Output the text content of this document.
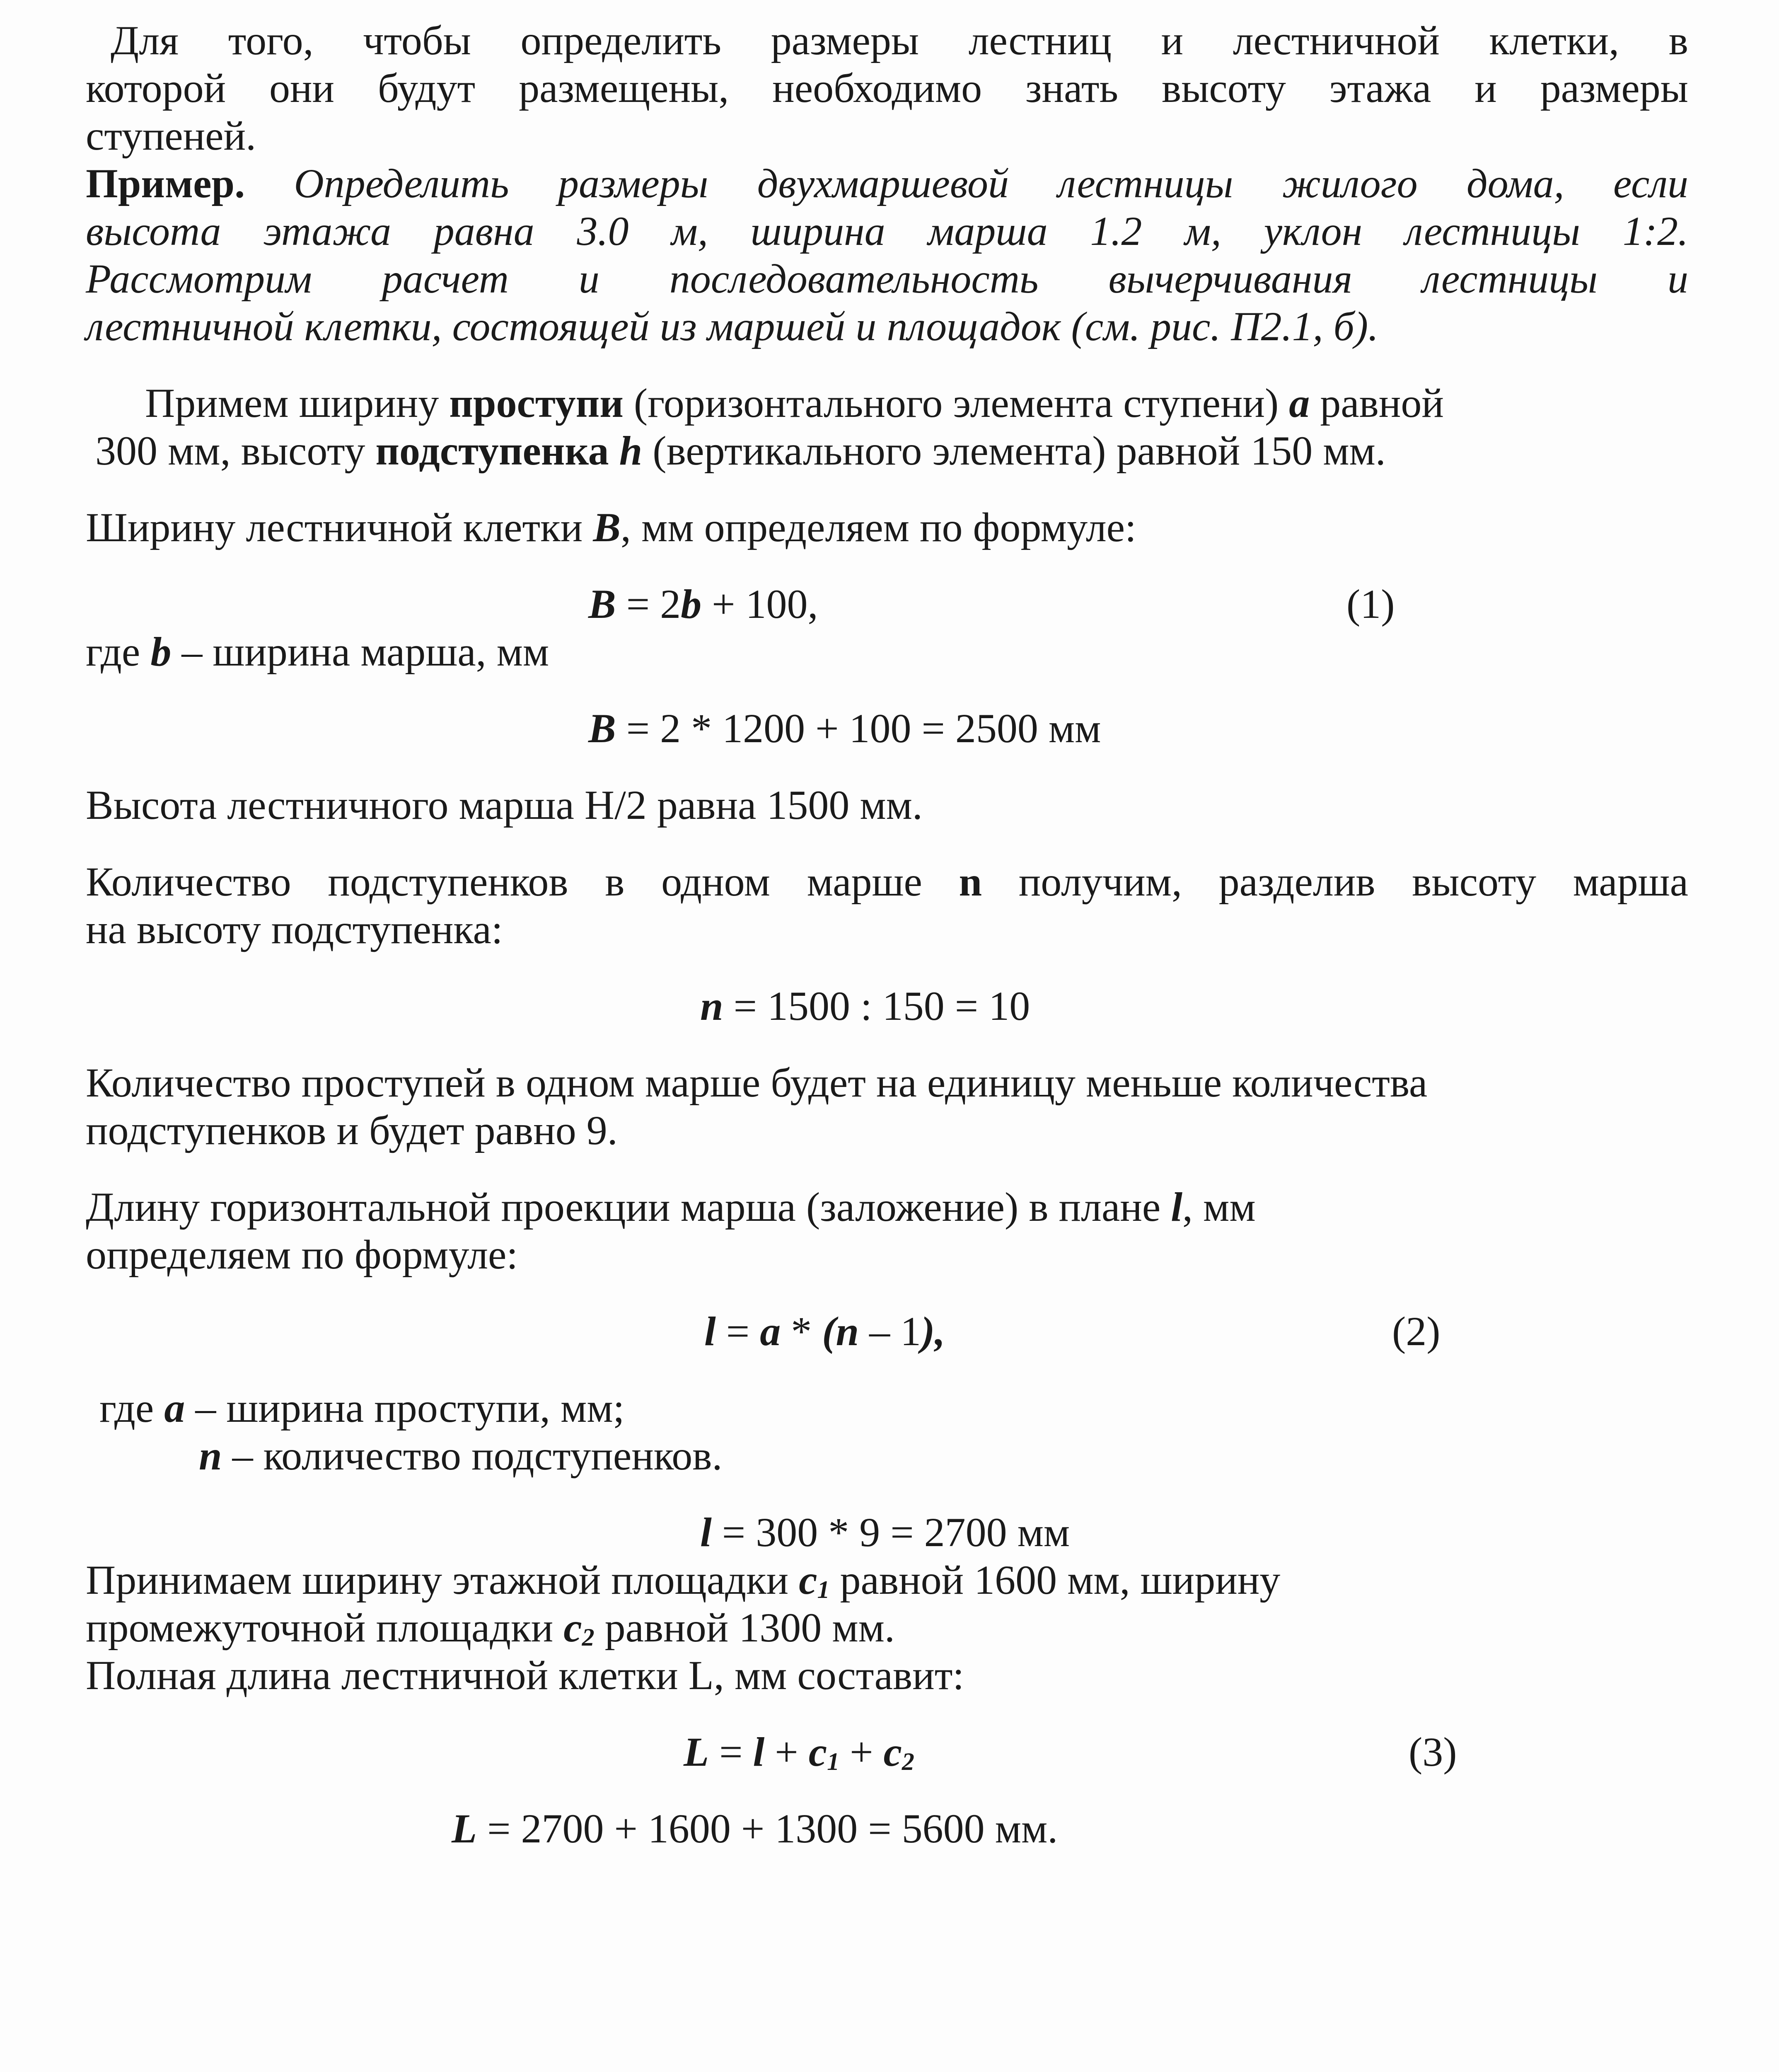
Для того, чтобы определить размеры лестниц и лестничной клетки, в
которой они будут размещены, необходимо знать высоту этажа и размеры
ступеней.
Пример. Определить размеры двухмаршевой лестницы жилого дома, если
высота этажа равна 3.0 м, ширина марша 1.2 м, уклон лестницы 1:2.
Рассмотрим расчет и последовательность вычерчивания лестницы и
лестничной клетки, состоящей из маршей и площадок (см. рис. П2.1, б).
Примем ширину проступи (горизонтального элемента ступени) a равной
300 мм, высоту подступенка h (вертикального элемента) равной 150 мм.
Ширину лестничной клетки B, мм определяем по формуле:
B = 2b + 100,	(1)
где b – ширина марша, мм
B = 2 * 1200 + 100 = 2500 мм
Высота лестничного марша Н/2 равна 1500 мм.
Количество подступенков в одном марше n получим, разделив высоту марша
на высоту подступенка:
n = 1500 : 150 = 10
Количество проступей в одном марше будет на единицу меньше количества
подступенков и будет равно 9.
Длину горизонтальной проекции марша (заложение) в плане l, мм
определяем по формуле:
l = a * (n – 1),	(2)
где a – ширина проступи, мм;
n – количество подступенков.
l = 300 * 9 = 2700 мм
Принимаем ширину этажной площадки $c_1$ равной 1600 мм, ширину
промежуточной площадки $c_2$ равной 1300 мм.
Полная длина лестничной клетки L, мм составит:
$L = l + c_1 + c_2$	(3)
L = 2700 + 1600 + 1300 = 5600 мм.
